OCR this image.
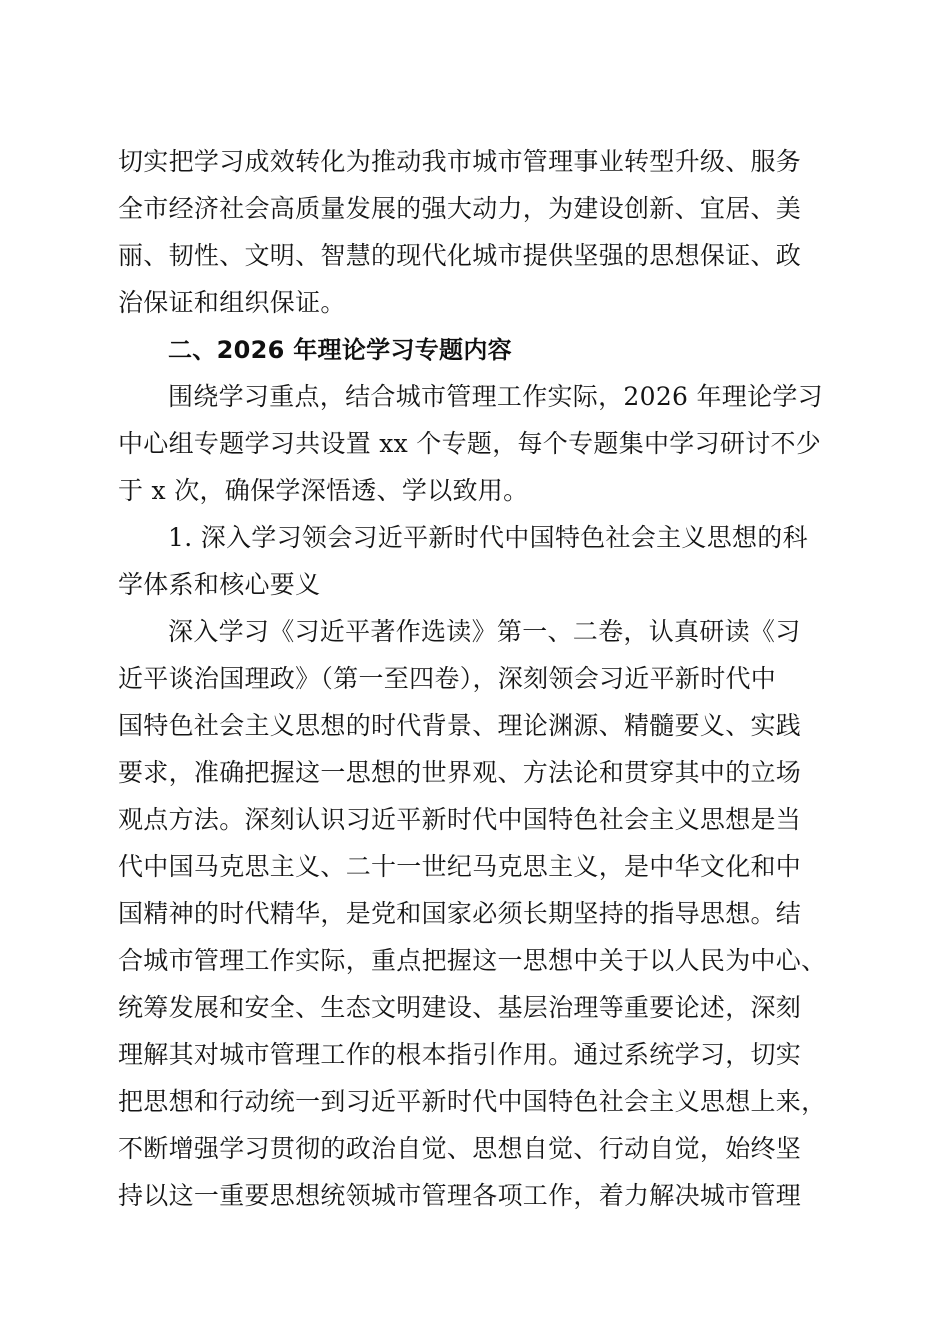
切实把学习成效转化为推动我市城市管理事业转型升级、服务
全市经济社会高质量发展的强大动力，为建设创新、宜居、美
丽、韧性、文明、智慧的现代化城市提供坚强的思想保证、政
治保证和组织保证。
二、2026 年理论学习专题内容
围绕学习重点，结合城市管理工作实际，2026 年理论学习
中心组专题学习共设置 xx 个专题，每个专题集中学习研讨不少
于 x 次，确保学深悟透、学以致用。
1. 深入学习领会习近平新时代中国特色社会主义思想的科
学体系和核心要义
深入学习《习近平著作选读》第一、二卷，认真研读《习
近平谈治国理政》（第一至四卷），深刻领会习近平新时代中
国特色社会主义思想的时代背景、理论渊源、精髓要义、实践
要求，准确把握这一思想的世界观、方法论和贯穿其中的立场
观点方法。深刻认识习近平新时代中国特色社会主义思想是当
代中国马克思主义、二十一世纪马克思主义，是中华文化和中
国精神的时代精华，是党和国家必须长期坚持的指导思想。结
合城市管理工作实际，重点把握这一思想中关于以人民为中心、
统筹发展和安全、生态文明建设、基层治理等重要论述，深刻
理解其对城市管理工作的根本指引作用。通过系统学习，切实
把思想和行动统一到习近平新时代中国特色社会主义思想上来，
不断增强学习贯彻的政治自觉、思想自觉、行动自觉，始终坚
持以这一重要思想统领城市管理各项工作，着力解决城市管理
